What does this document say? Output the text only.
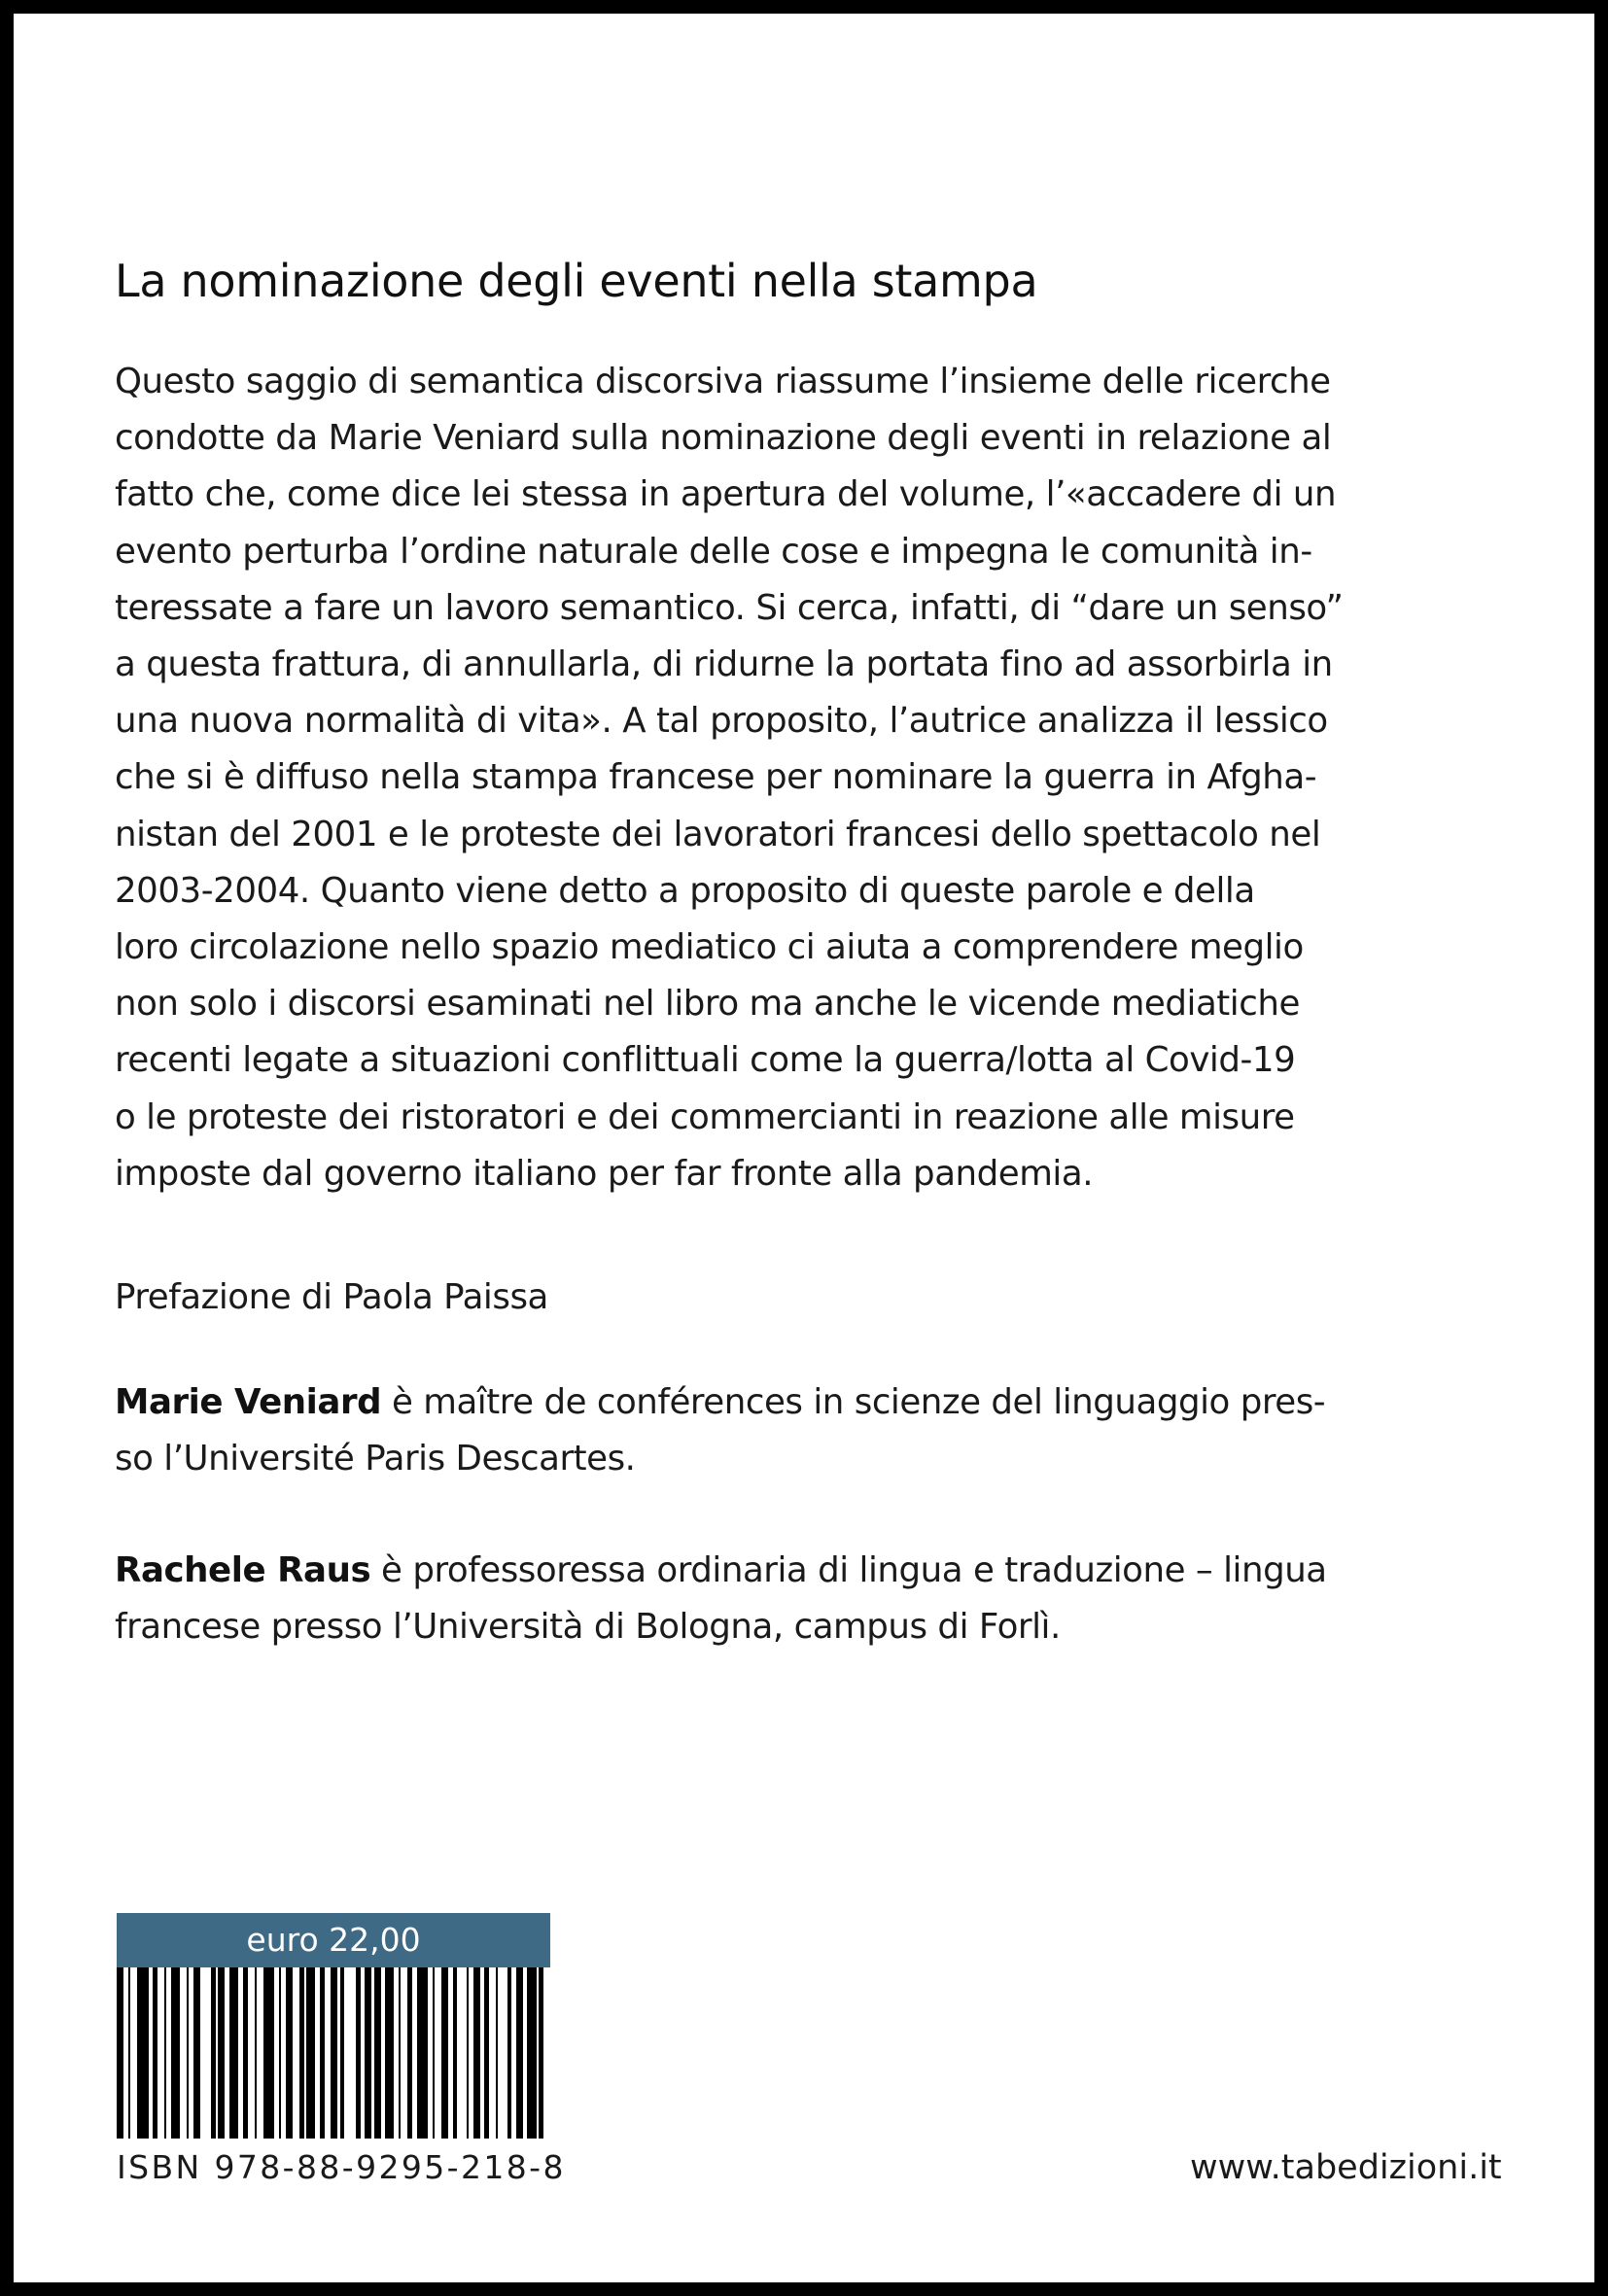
La nominazione degli eventi nella stampa
Questo saggio di semantica discorsiva riassume l’insieme delle ricerche
condotte da Marie Veniard sulla nominazione degli eventi in relazione al
fatto che, come dice lei stessa in apertura del volume, l’«accadere di un
evento perturba l’ordine naturale delle cose e impegna le comunità in-
teressate a fare un lavoro semantico. Si cerca, infatti, di “dare un senso”
a questa frattura, di annullarla, di ridurne la portata fino ad assorbirla in
una nuova normalità di vita». A tal proposito, l’autrice analizza il lessico
che si è diffuso nella stampa francese per nominare la guerra in Afgha-
nistan del 2001 e le proteste dei lavoratori francesi dello spettacolo nel
2003-2004. Quanto viene detto a proposito di queste parole e della
loro circolazione nello spazio mediatico ci aiuta a comprendere meglio
non solo i discorsi esaminati nel libro ma anche le vicende mediatiche
recenti legate a situazioni conflittuali come la guerra/lotta al Covid-19
o le proteste dei ristoratori e dei commercianti in reazione alle misure
imposte dal governo italiano per far fronte alla pandemia.
Prefazione di Paola Paissa
Marie Veniard è maître de conférences in scienze del linguaggio pres-
so l’Université Paris Descartes.
Rachele Raus è professoressa ordinaria di lingua e traduzione – lingua
francese presso l’Università di Bologna, campus di Forlì.
euro 22,00
ISBN 978-88-9295-218-8	www.tabedizioni.it
